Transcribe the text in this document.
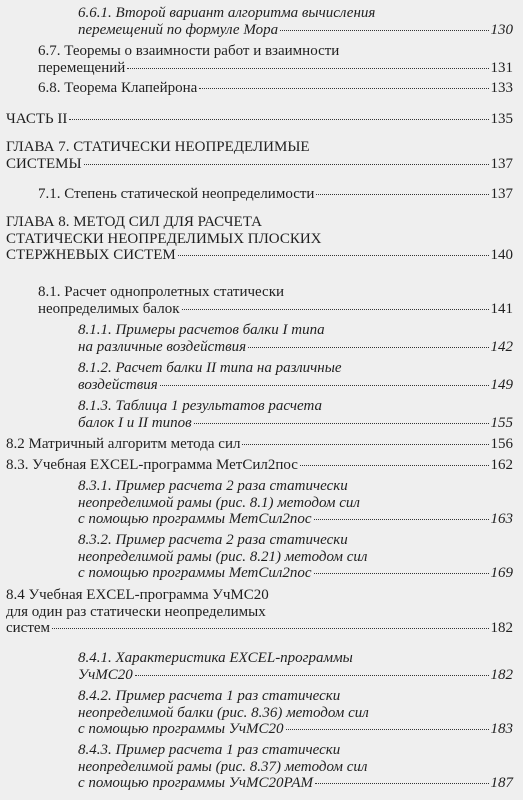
6.6.1. Второй вариант алгоритма вычисления
перемещений по формуле Мора	130
6.7. Теоремы о взаимности работ и взаимности
перемещений	131
6.8. Теорема Клапейрона	133
ЧАСТЬ II	135
ГЛАВА 7. СТАТИЧЕСКИ НЕОПРЕДЕЛИМЫЕ
СИСТЕМЫ	137
7.1. Степень статической неопределимости	137
ГЛАВА 8. МЕТОД СИЛ ДЛЯ РАСЧЕТА
СТАТИЧЕСКИ НЕОПРЕДЕЛИМЫХ ПЛОСКИХ
СТЕРЖНЕВЫХ СИСТЕМ	140
8.1. Расчет однопролетных статически
неопределимых балок	141
8.1.1. Примеры расчетов балки I типа
на различные воздействия	142
8.1.2. Расчет балки II типа на различные
воздействия	149
8.1.3. Таблица 1 результатов расчета
балок I и II типов	155
8.2 Матричный алгоритм метода сил	156
8.3. Учебная EXCEL-программа МетСил2пос	162
8.3.1. Пример расчета 2 раза статически
неопределимой рамы (рис. 8.1) методом сил
с помощью программы МетСил2пос	163
8.3.2. Пример расчета 2 раза статически
неопределимой рамы (рис. 8.21) методом сил
с помощью программы МетСил2пос	169
8.4 Учебная EXCEL-программа УчМС20
для один раз статически неопределимых
систем	182
8.4.1. Характеристика EXCEL-программы
УчМС20	182
8.4.2. Пример расчета 1 раз статически
неопределимой балки (рис. 8.36) методом сил
с помощью программы УчМС20	183
8.4.3. Пример расчета 1 раз статически
неопределимой рамы (рис. 8.37) методом сил
с помощью программы УчМС20РАМ	187
